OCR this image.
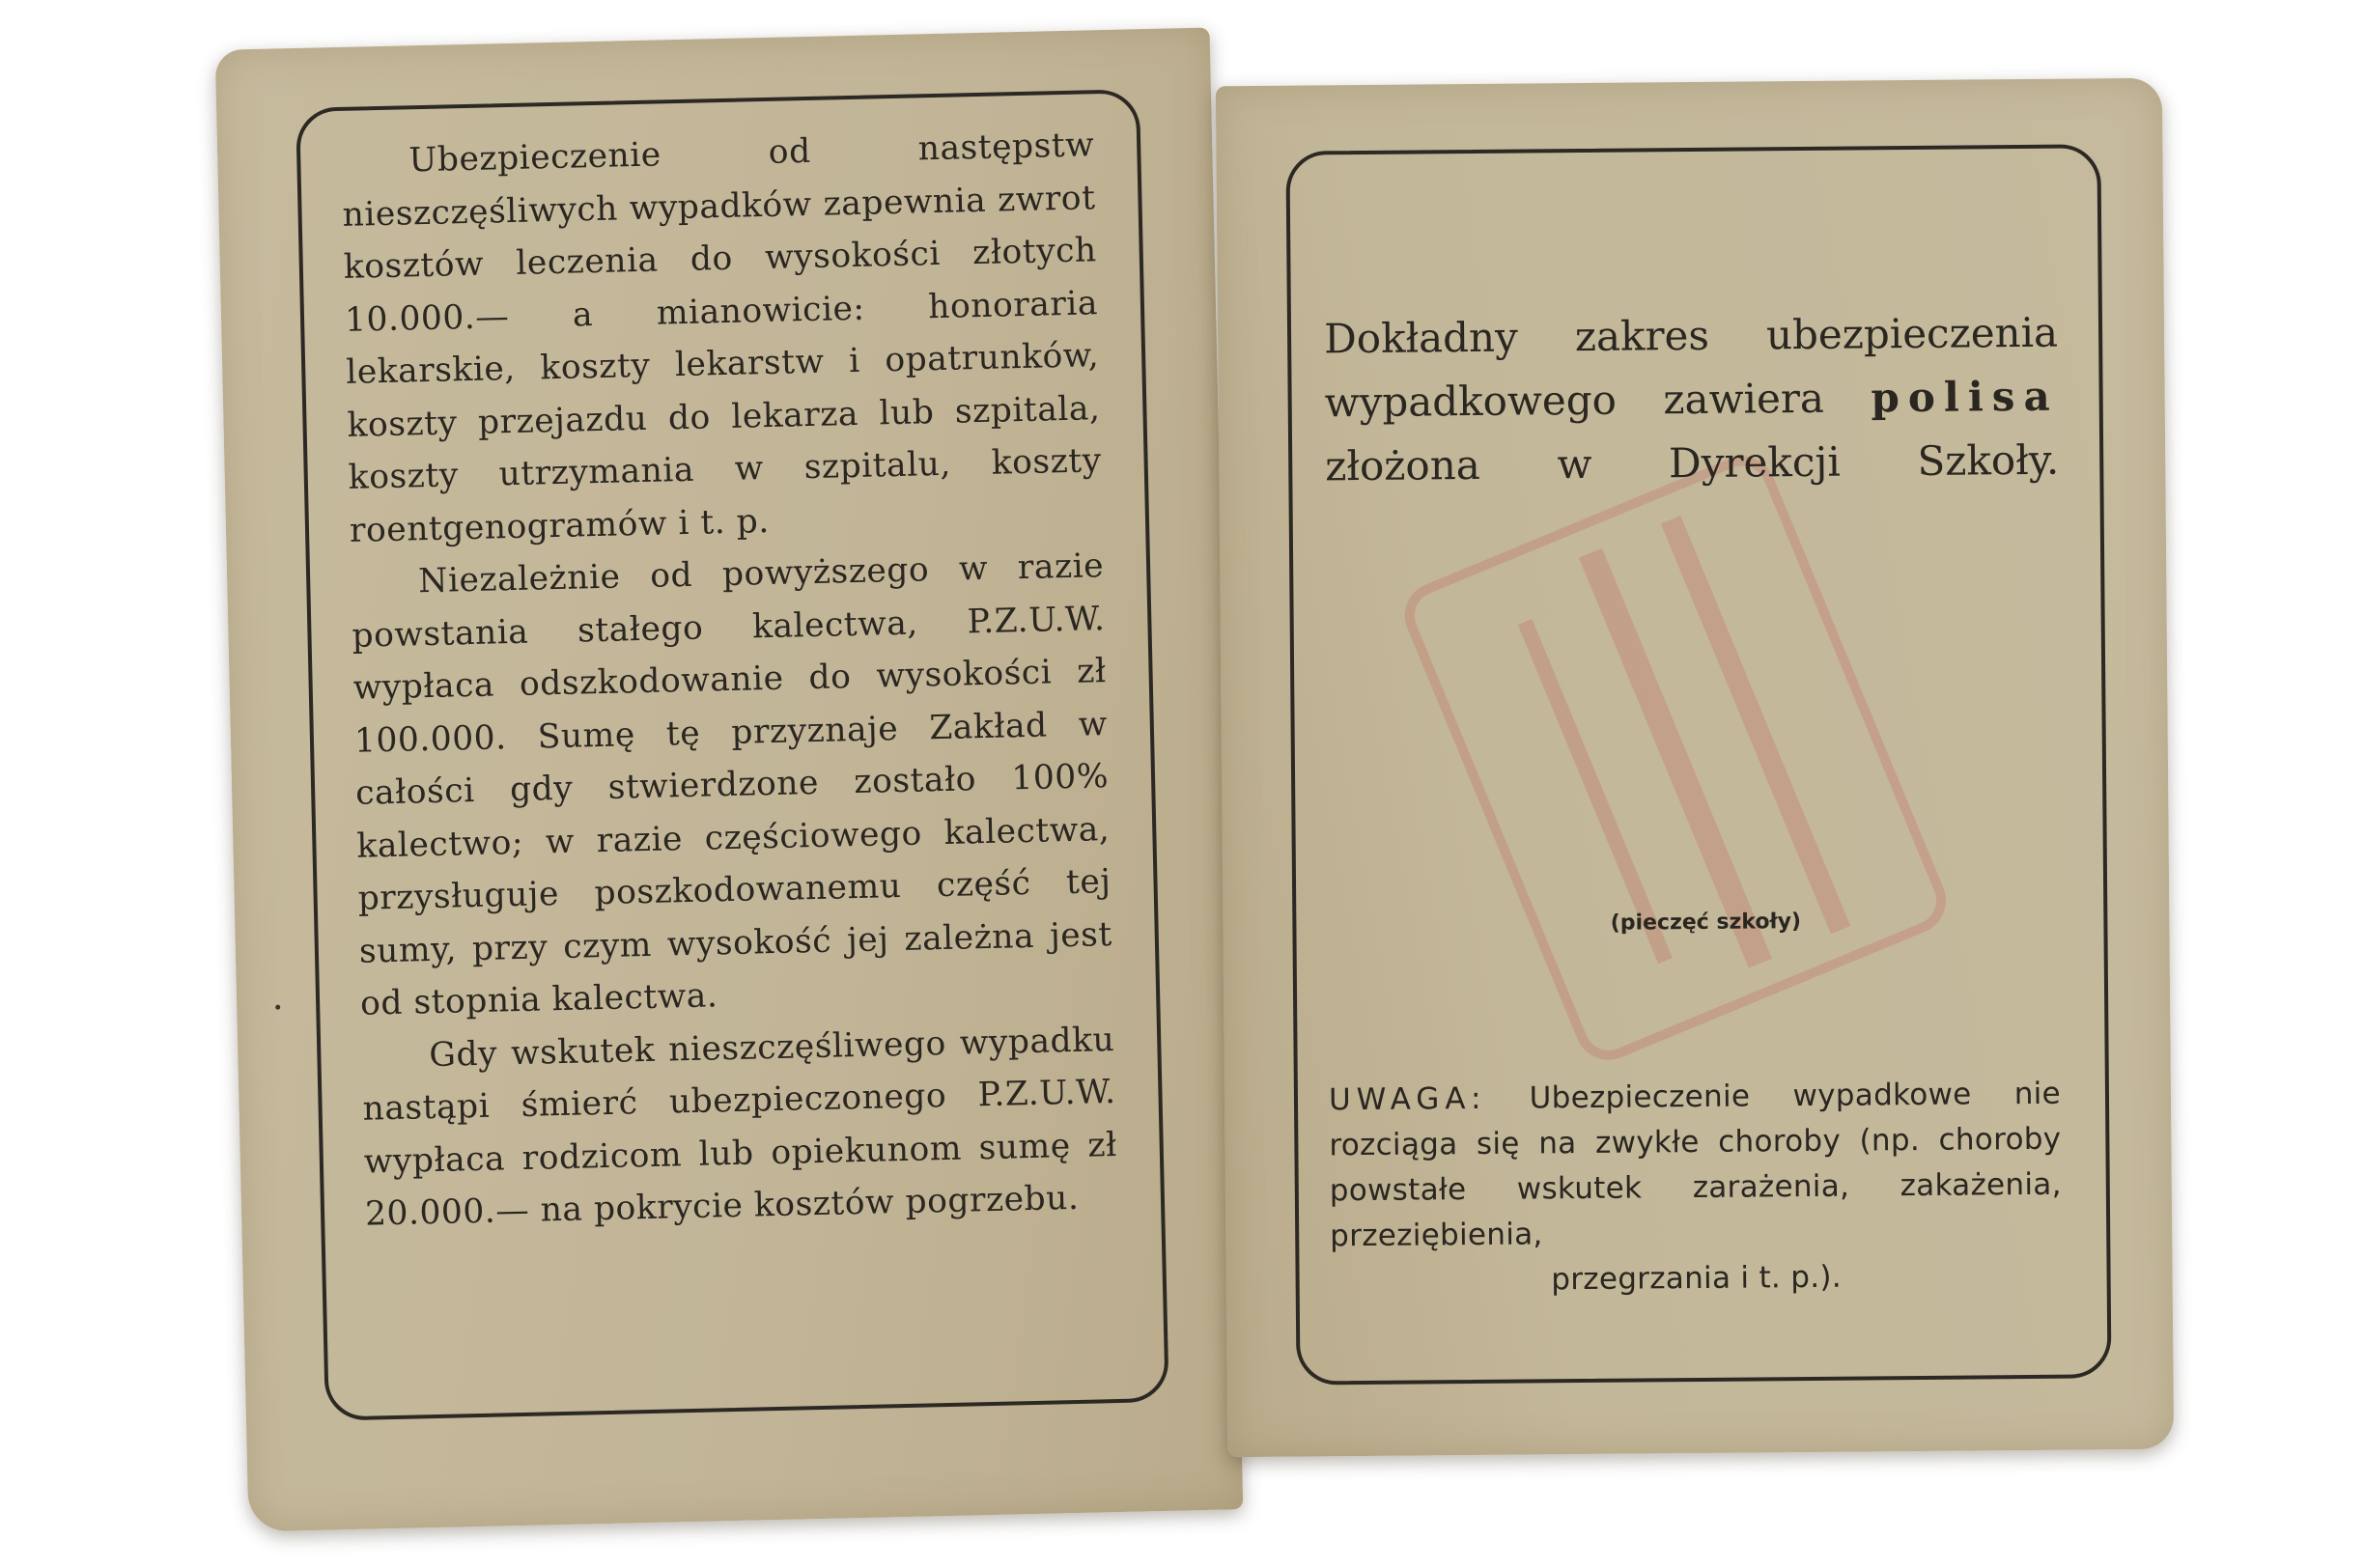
Ubezpieczenie od następstw nieszczęśliwych wypadków zapewnia zwrot kosztów leczenia do wysokości złotych 10.000.— a mianowicie: honoraria lekarskie, koszty lekarstw i opatrunków, koszty przejazdu do lekarza lub szpitala, koszty utrzymania w szpitalu, koszty roentgenogramów i t. p.

Niezależnie od powyższego w razie powstania stałego kalectwa, P.Z.U.W. wypłaca odszkodowanie do wysokości zł 100.000. Sumę tę przyznaje Zakład w całości gdy stwierdzone zostało 100% kalectwo; w razie częściowego kalectwa, przysługuje poszkodowanemu część tej sumy, przy czym wysokość jej zależna jest od stopnia kalectwa.

Gdy wskutek nieszczęśliwego wypadku nastąpi śmierć ubezpieczonego P.Z.U.W. wypłaca rodzicom lub opiekunom sumę zł 20.000.— na pokrycie kosztów pogrzebu.

Dokładny zakres ubezpieczenia wypadkowego zawiera polisa złożona w Dyrekcji Szkoły.
(pieczęć szkoły)
UWAGA: Ubezpieczenie wypadkowe nie rozciąga się na zwykłe choroby (np. choroby powstałe wskutek zarażenia, zakażenia, przeziębienia,
przegrzania i t. p.).
